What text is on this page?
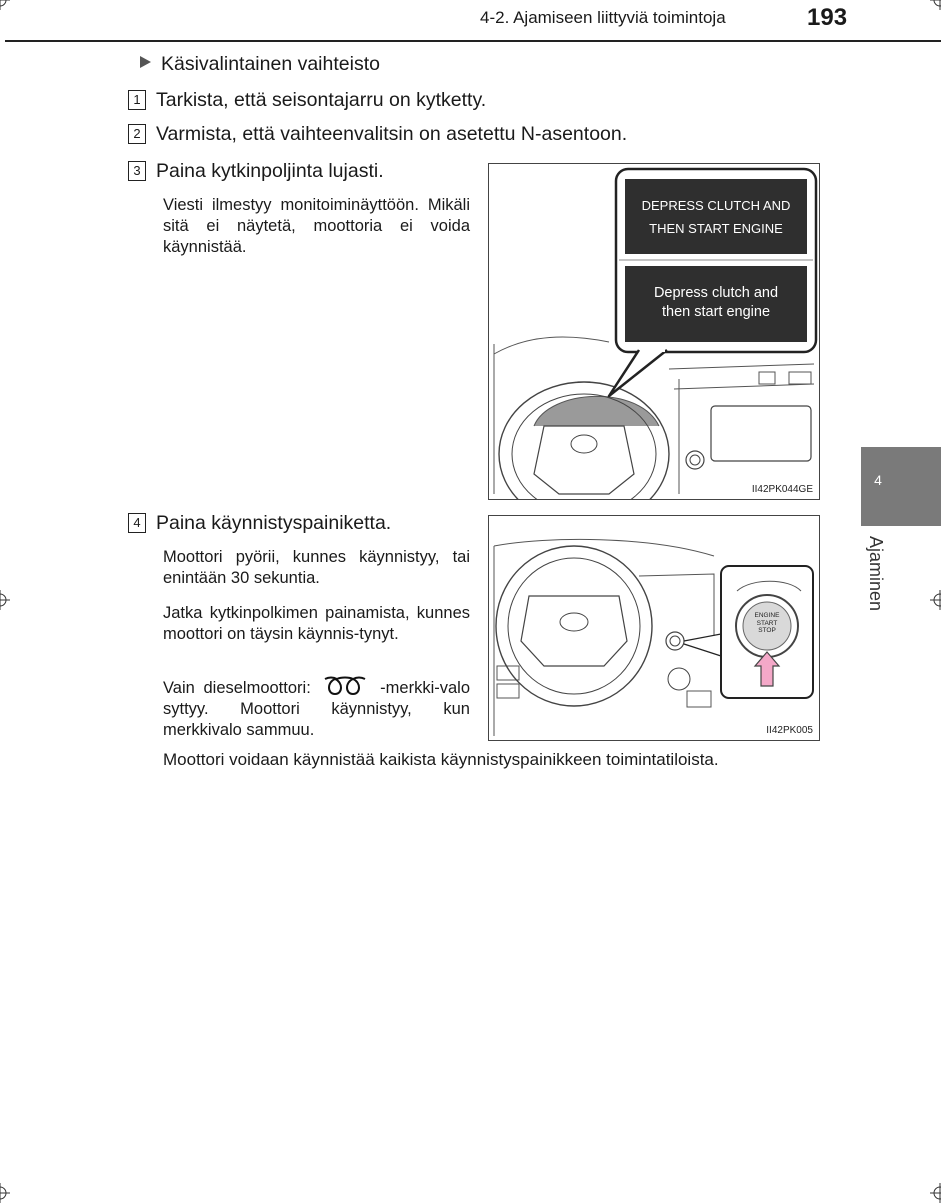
4-2. Ajamiseen liittyviä toimintoja	193
4
Ajaminen
Käsivalintainen vaihteisto
1 Tarkista, että seisontajarru on kytketty.
2 Varmista, että vaihteenvalitsin on asetettu N-asentoon.
3 Paina kytkinpoljinta lujasti.
Viesti ilmestyy monitoiminäyttöön. Mikäli sitä ei näytetä, moottoria ei voida käynnistää.
DEPRESS CLUTCH AND
THEN START ENGINE
Depress clutch and
then start engine
II42PK044GE
4 Paina käynnistyspainiketta.
Moottori pyörii, kunnes käynnistyy, tai enintään 30 sekuntia.
Jatka kytkinpolkimen painamista, kunnes moottori on täysin käynnis-tynyt.
Vain dieselmoottori:	-merkki-valo syttyy. Moottori käynnistyy, kun merkkivalo sammuu.
ENGINE
START
STOP
II42PK005
Moottori voidaan käynnistää kaikista käynnistyspainikkeen toimintatiloista.
